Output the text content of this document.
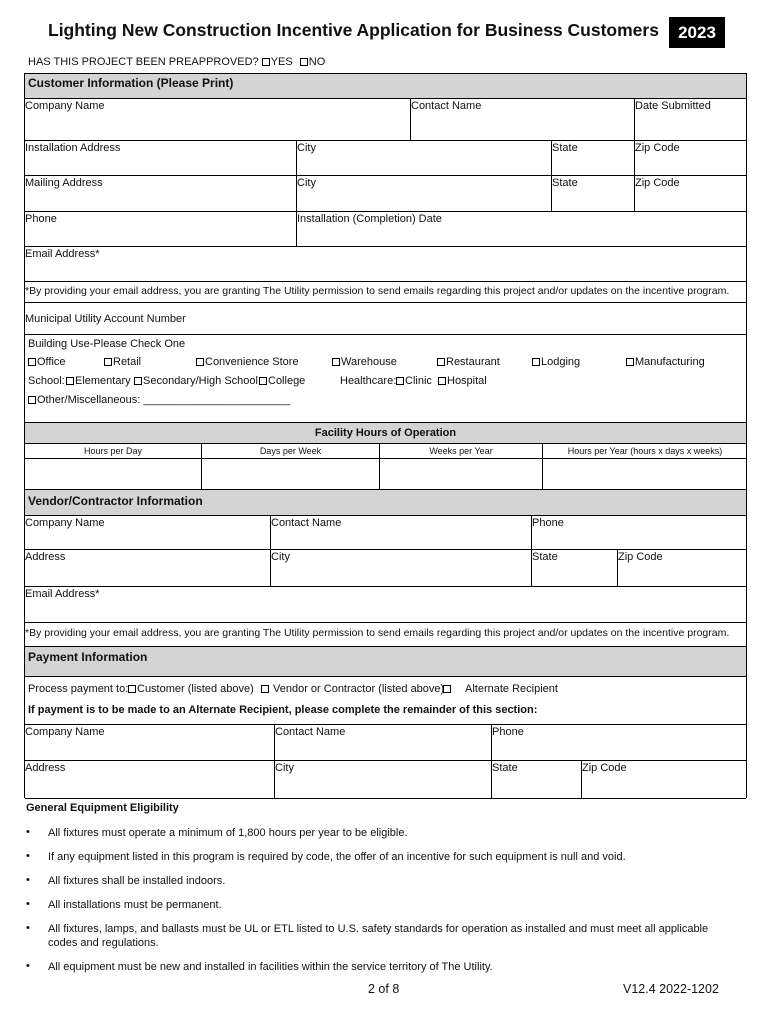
Lighting New Construction Incentive Application for Business Customers	2023
HAS THIS PROJECT BEEN PREAPPROVED? YES NO
Customer Information (Please Print)
Company Name	Contact Name	Date Submitted
Installation Address	City	State	Zip Code
Mailing Address	City	State	Zip Code
Phone	Installation (Completion) Date
Email Address*
*By providing your email address, you are granting The Utility permission to send emails regarding this project and/or updates on the incentive program.
Municipal Utility Account Number
Building Use-Please Check One
Office	Retail	Convenience Store	Warehouse	Restaurant	Lodging	Manufacturing
School: Elementary	Secondary/High School College	Healthcare: Clinic	Hospital
Other/Miscellaneous: ________________________
Facility Hours of Operation
Hours per Day	Days per Week	Weeks per Year	Hours per Year (hours x days x weeks)
Vendor/Contractor Information
Company Name	Contact Name	Phone
Address	City	State	Zip Code
Email Address*
*By providing your email address, you are granting The Utility permission to send emails regarding this project and/or updates on the incentive program.
Payment Information
Process payment to: Customer (listed above)	Vendor or Contractor (listed above)	Alternate Recipient
If payment is to be made to an Alternate Recipient, please complete the remainder of this section:
Company Name	Contact Name	Phone
Address	City	State	Zip Code
General Equipment Eligibility
• All fixtures must operate a minimum of 1,800 hours per year to be eligible.
• If any equipment listed in this program is required by code, the offer of an incentive for such equipment is null and void.
• All fixtures shall be installed indoors.
• All installations must be permanent.
• All fixtures, lamps, and ballasts must be UL or ETL listed to U.S. safety standards for operation as installed and must meet all applicable codes and regulations.
• All equipment must be new and installed in facilities within the service territory of The Utility.
2 of 8	V12.4 2022-1202
